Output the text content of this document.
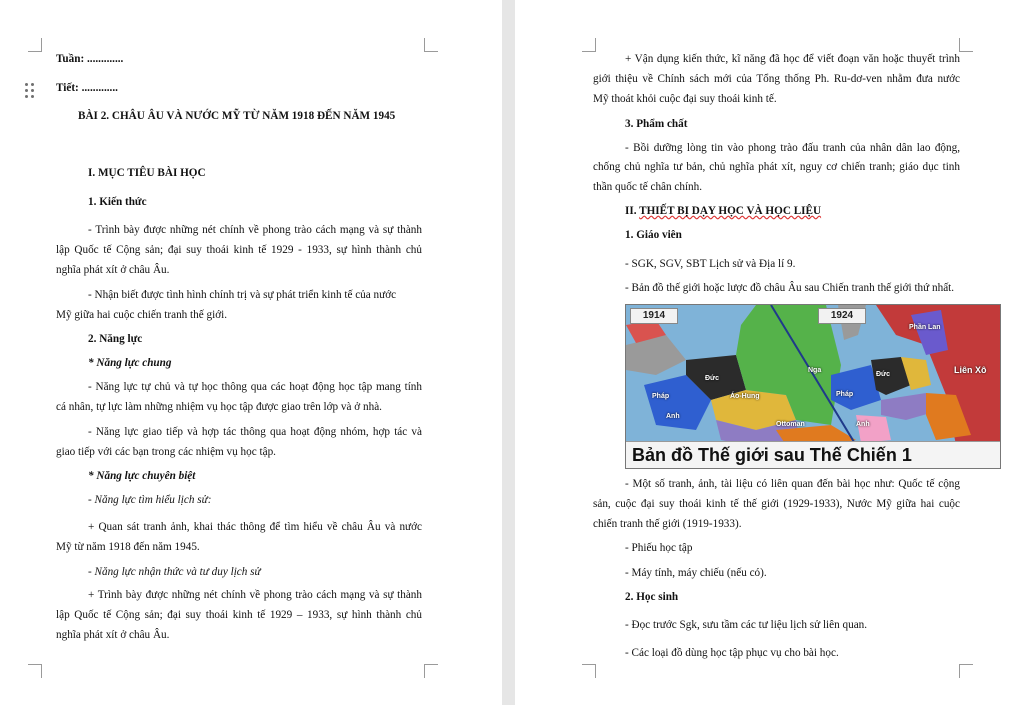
Tuần: .............
Tiết: .............
BÀI 2. CHÂU ÂU VÀ NƯỚC MỸ TỪ NĂM 1918 ĐẾN NĂM 1945
I. MỤC TIÊU BÀI HỌC
1. Kiến thức
- Trình bày được những nét chính về phong trào cách mạng và sự thành
lập Quốc tế Cộng sản; đại suy thoái kinh tế 1929 - 1933, sự hình thành chủ
nghĩa phát xít ở châu Âu.
- Nhận biết được tình hình chính trị và sự phát triển kinh tế của nước
Mỹ giữa hai cuộc chiến tranh thế giới.
2. Năng lực
* Năng lực chung
- Năng lực tự chủ và tự học thông qua các hoạt động học tập mang tính
cá nhân, tự lực làm những nhiệm vụ học tập được giao trên lớp và ở nhà.
- Năng lực giao tiếp và hợp tác thông qua hoạt động nhóm, hợp tác và
giao tiếp với các bạn trong các nhiệm vụ học tập.
* Năng lực chuyên biệt
- Năng lực tìm hiểu lịch sử:
+ Quan sát tranh ảnh, khai thác thông để tìm hiểu về châu Âu và nước
Mỹ từ năm 1918 đến năm 1945.
- Năng lực nhận thức và tư duy lịch sử
+ Trình bày được những nét chính về phong trào cách mạng và sự thành
lập Quốc tế Cộng sản; đại suy thoái kinh tế 1929 – 1933, sự hình thành chủ
nghĩa phát xít ở châu Âu.
+ Vận dụng kiến thức, kĩ năng đã học để viết đoạn văn hoặc thuyết trình
giới thiệu về Chính sách mới của Tổng thống Ph. Ru-dơ-ven nhằm đưa nước
Mỹ thoát khỏi cuộc đại suy thoái kinh tế.
3. Phẩm chất
- Bồi dưỡng lòng tin vào phong trào đấu tranh của nhân dân lao động,
chống chủ nghĩa tư bản, chủ nghĩa phát xít, nguy cơ chiến tranh; giáo dục tinh
thần quốc tế chân chính.
II. THIẾT BỊ DẠY HỌC VÀ HỌC LIỆU
1. Giáo viên
- SGK, SGV, SBT Lịch sử và Địa lí 9.
- Bản đồ thế giới hoặc lược đồ châu Âu sau Chiến tranh thế giới thứ nhất.
1914	1924
Đức
Pháp	Áo-Hung
Nga
Anh
Ottoman
Phần Lan
Liên Xô
Đức
Pháp
Anh
Bản đồ Thế giới sau Thế Chiến 1
- Một số tranh, ảnh, tài liệu có liên quan đến bài học như: Quốc tế cộng
sản, cuộc đại suy thoái kinh tế thế giới (1929-1933), Nước Mỹ giữa hai cuộc
chiến tranh thế giới (1919-1933).
- Phiếu học tập
- Máy tính, máy chiếu (nếu có).
2. Học sinh
- Đọc trước Sgk, sưu tầm các tư liệu lịch sử liên quan.
- Các loại đồ dùng học tập phục vụ cho bài học.
